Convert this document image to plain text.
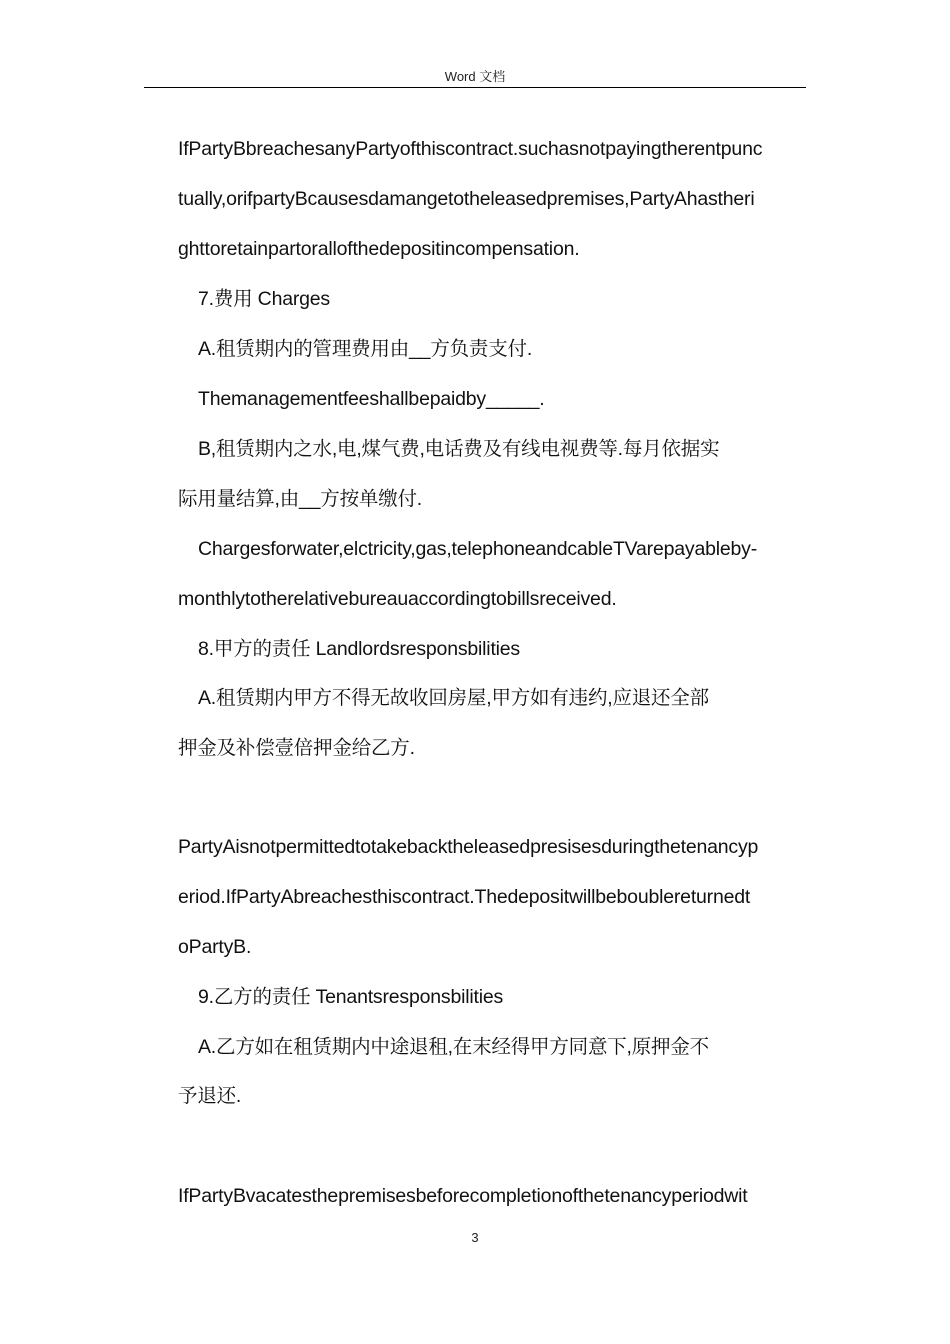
Word 文档
IfPartyBbreachesanyPartyofthiscontract.suchasnotpayingtherentpunc
tually,orifpartyBcausesdamangetotheleasedpremises,PartyAhastheri
ghttoretainpartorallofthedepositincompensation.
7.费用 Charges
A.租赁期内的管理费用由__方负责支付.
Themanagementfeeshallbepaidby_____.
B,租赁期内之水,电,煤气费,电话费及有线电视费等.每月依据实
际用量结算,由__方按单缴付.
Chargesforwater,elctricity,gas,telephoneandcableTVarepayableby-
monthlytotherelativebureauaccordingtobillsreceived.
8.甲方的责任 Landlordsresponsbilities
A.租赁期内甲方不得无故收回房屋,甲方如有违约,应退还全部
押金及补偿壹倍押金给乙方.
PartyAisnotpermittedtotakebacktheleasedpresisesduringthetenancyp
eriod.IfPartyAbreachesthiscontract.Thedepositwillbeboublereturnedt
oPartyB.
9.乙方的责任 Tenantsresponsbilities
A.乙方如在租赁期内中途退租,在末经得甲方同意下,原押金不
予退还.
IfPartyBvacatesthepremisesbeforecompletionofthetenancyperiodwit
3
